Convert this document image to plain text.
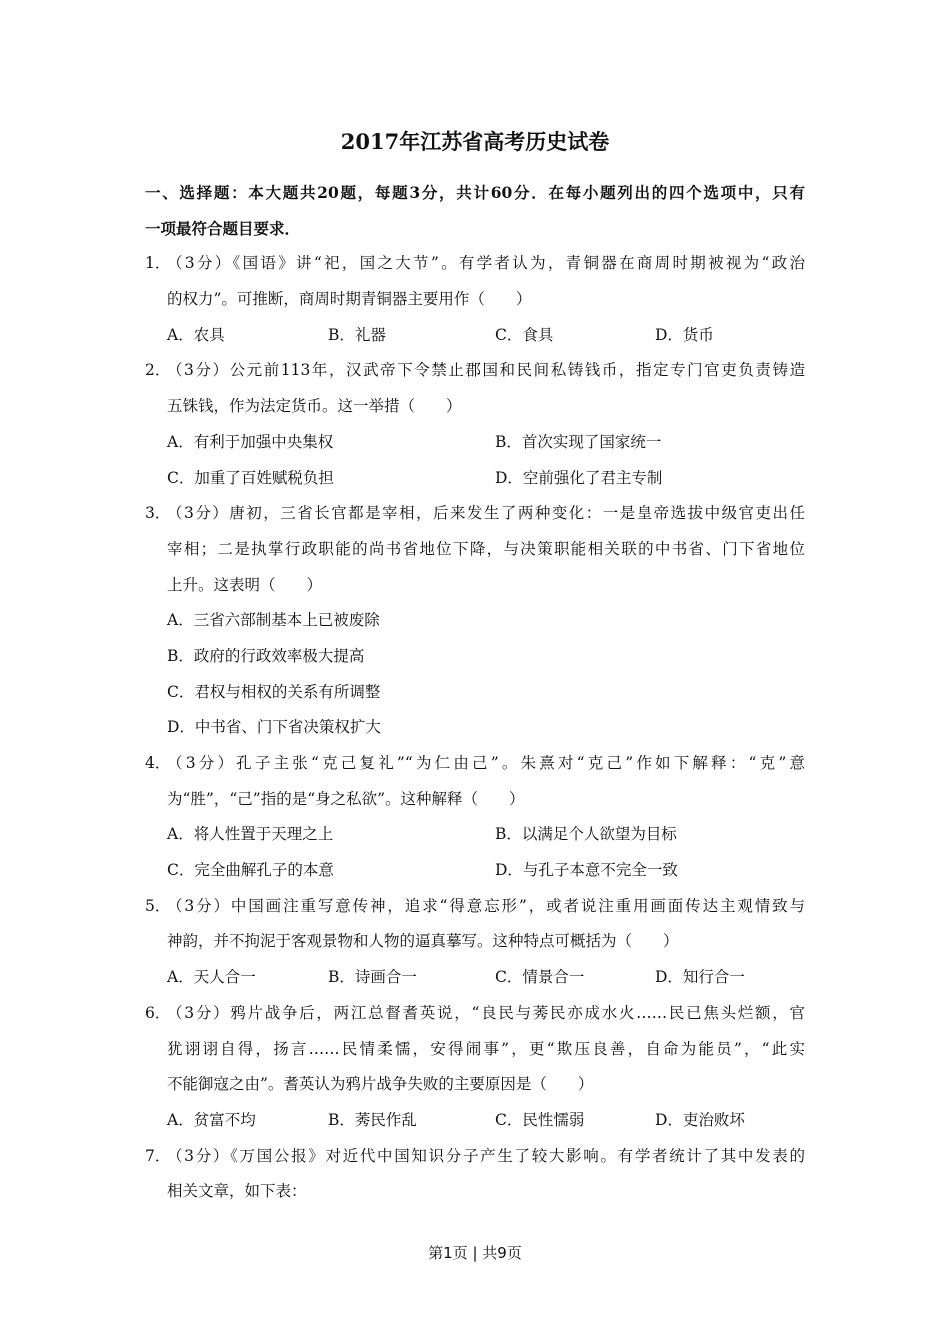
2017年江苏省高考历史试卷
一、选择题：本大题共20题，每题3分，共计60分．在每小题列出的四个选项中，只有
一项最符合题目要求．
1．（3分）《国语》讲“祀，国之大节”。有学者认为，青铜器在商周时期被视为“政治
的权力”。可推断，商周时期青铜器主要用作（　　）
A．农具	B．礼器	C．食具	D．货币
2．（3分）公元前113年，汉武帝下令禁止郡国和民间私铸钱币，指定专门官吏负责铸造
五铢钱，作为法定货币。这一举措（　　）
A．有利于加强中央集权	B．首次实现了国家统一
C．加重了百姓赋税负担	D．空前强化了君主专制
3．（3分）唐初，三省长官都是宰相，后来发生了两种变化：一是皇帝选拔中级官吏出任
宰相；二是执掌行政职能的尚书省地位下降，与决策职能相关联的中书省、门下省地位
上升。这表明（　　）
A．三省六部制基本上已被废除
B．政府的行政效率极大提高
C．君权与相权的关系有所调整
D．中书省、门下省决策权扩大
4．（3分）孔子主张“克己复礼”“为仁由己”。朱熹对“克己”作如下解释：“克”意
为“胜”，“己”指的是“身之私欲”。这种解释（　　）
A．将人性置于天理之上	B．以满足个人欲望为目标
C．完全曲解孔子的本意	D．与孔子本意不完全一致
5．（3分）中国画注重写意传神，追求“得意忘形”，或者说注重用画面传达主观情致与
神韵，并不拘泥于客观景物和人物的逼真摹写。这种特点可概括为（　　）
A．天人合一	B．诗画合一	C．情景合一	D．知行合一
6．（3分）鸦片战争后，两江总督耆英说，“良民与莠民亦成水火……民已焦头烂额，官
犹诩诩自得，扬言……民情柔懦，安得闹事”，更“欺压良善，自命为能员”，“此实
不能御寇之由”。耆英认为鸦片战争失败的主要原因是（　　）
A．贫富不均	B．莠民作乱	C．民性懦弱	D．吏治败坏
7．（3分）《万国公报》对近代中国知识分子产生了较大影响。有学者统计了其中发表的
相关文章，如下表：
第1页 | 共9页
